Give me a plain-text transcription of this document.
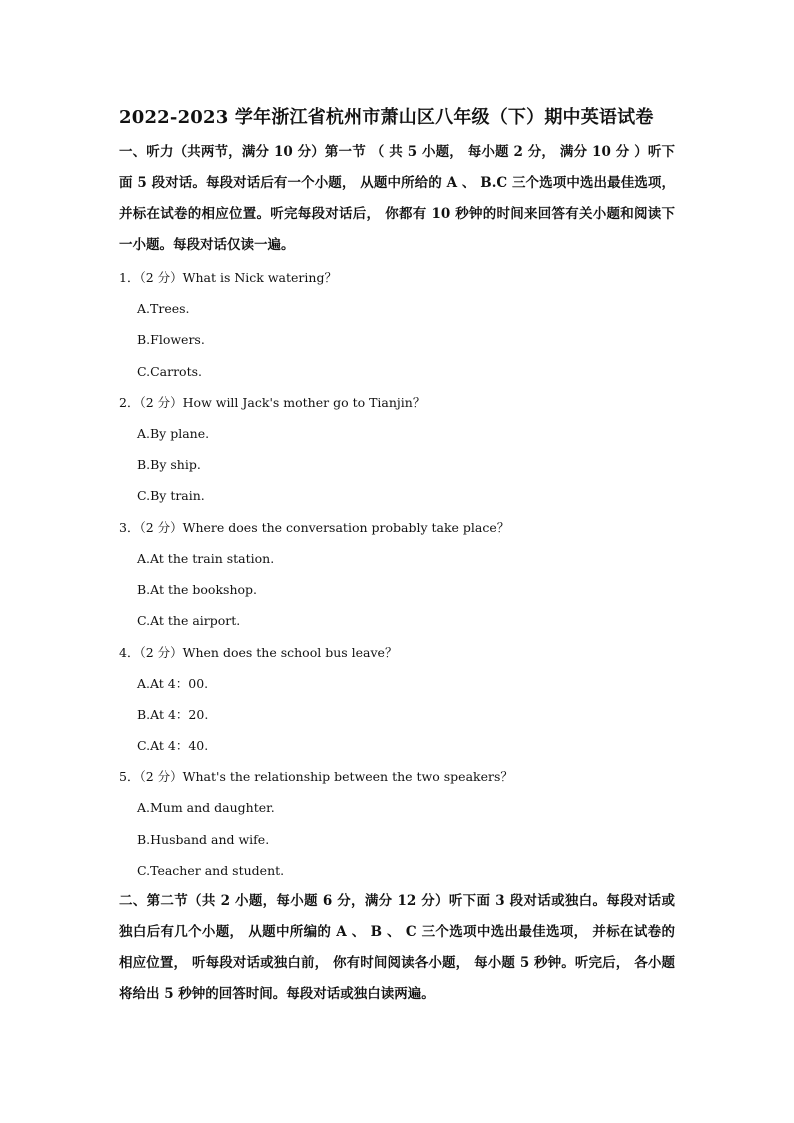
2022-2023 学年浙江省杭州市萧山区八年级（下）期中英语试卷
一、听力（共两节，满分 10 分）第一节 （ 共 5 小题， 每小题 2 分， 满分 10 分 ）听下面 5 段对话。每段对话后有一个小题， 从题中所给的 A 、 B.C 三个选项中选出最佳选项， 并标在试卷的相应位置。听完每段对话后， 你都有 10 秒钟的时间来回答有关小题和阅读下一小题。每段对话仅读一遍。
1．（2 分）What is Nick watering？
A.Trees.
B.Flowers.
C.Carrots.
2．（2 分）How will Jack's mother go to Tianjin？
A.By plane.
B.By ship.
C.By train.
3．（2 分）Where does the conversation probably take place？
A.At the train station.
B.At the bookshop.
C.At the airport.
4．（2 分）When does the school bus leave？
A.At 4：00.
B.At 4：20.
C.At 4：40.
5．（2 分）What's the relationship between the two speakers？
A.Mum and daughter.
B.Husband and wife.
C.Teacher and student.
二、第二节（共 2 小题，每小题 6 分，满分 12 分）听下面 3 段对话或独白。每段对话或独白后有几个小题， 从题中所编的 A 、 B 、 C 三个选项中选出最佳选项， 并标在试卷的相应位置， 听每段对话或独白前， 你有时间阅读各小题， 每小题 5 秒钟。听完后， 各小题将给出 5 秒钟的回答时间。每段对话或独白读两遍。
